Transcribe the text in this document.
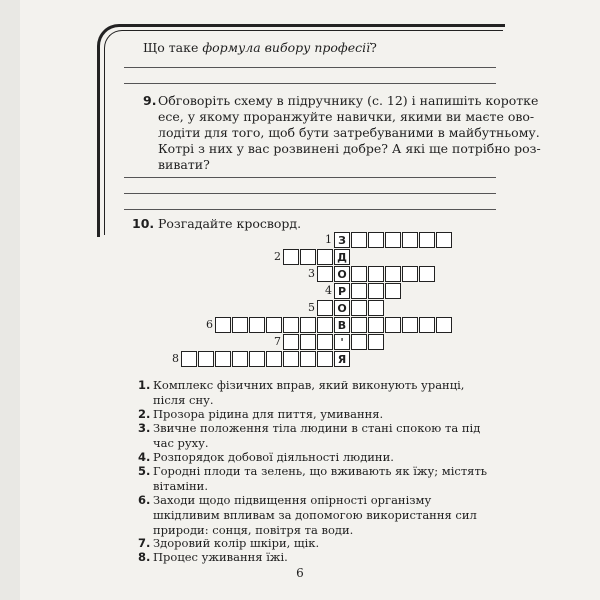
Що таке формула вибору професії?
9. Обговоріть схему в підручнику (с. 12) і напишіть коротке
есе, у якому проранжуйте навички, якими ви маєте ово-
лодіти для того, щоб бути затребуваними в майбутньому.
Котрі з них у вас розвинені добре? А які ще потрібно роз-
вивати?
10. Розгадайте кросворд.
1 З
2	Д
3	О
4 Р
5	О
6	В
7	'
8	Я
1. Комплекс фізичних вправ, який виконують уранці, після сну.
2. Прозора рідина для пиття, умивання.
3. Звичне положення тіла людини в стані спокою та під час руху.
4. Розпорядок добової діяльності людини.
5. Городні плоди та зелень, що вживають як їжу; містять вітаміни.
6. Заходи щодо підвищення опірності організму шкідливим впливам за допомогою використання сил природи: сонця, повітря та води.
7. Здоровий колір шкіри, щік.
8. Процес уживання їжі.
6
